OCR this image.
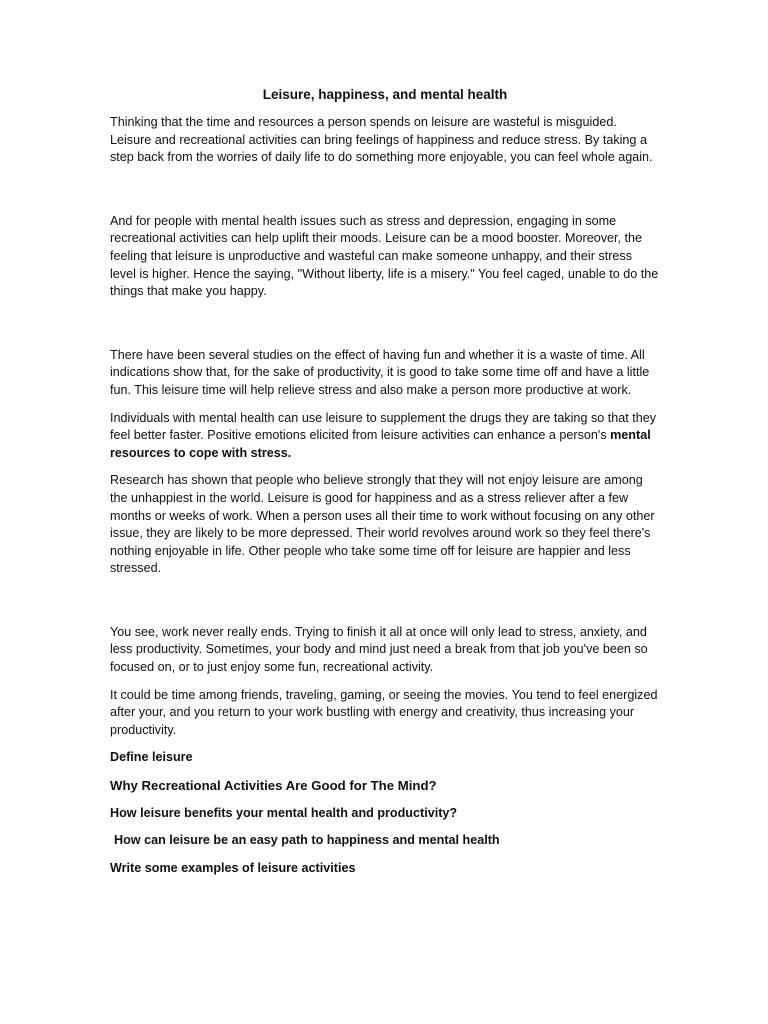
Leisure, happiness, and mental health

Thinking that the time and resources a person spends on leisure are wasteful is misguided. Leisure and recreational activities can bring feelings of happiness and reduce stress. By taking a step back from the worries of daily life to do something more enjoyable, you can feel whole again.

And for people with mental health issues such as stress and depression, engaging in some recreational activities can help uplift their moods. Leisure can be a mood booster. Moreover, the feeling that leisure is unproductive and wasteful can make someone unhappy, and their stress level is higher. Hence the saying, "Without liberty, life is a misery." You feel caged, unable to do the things that make you happy.

There have been several studies on the effect of having fun and whether it is a waste of time. All indications show that, for the sake of productivity, it is good to take some time off and have a little fun. This leisure time will help relieve stress and also make a person more productive at work.

Individuals with mental health can use leisure to supplement the drugs they are taking so that they feel better faster. Positive emotions elicited from leisure activities can enhance a person's mental resources to cope with stress.

Research has shown that people who believe strongly that they will not enjoy leisure are among the unhappiest in the world. Leisure is good for happiness and as a stress reliever after a few months or weeks of work. When a person uses all their time to work without focusing on any other issue, they are likely to be more depressed. Their world revolves around work so they feel there's nothing enjoyable in life. Other people who take some time off for leisure are happier and less stressed.

You see, work never really ends. Trying to finish it all at once will only lead to stress, anxiety, and less productivity. Sometimes, your body and mind just need a break from that job you've been so focused on, or to just enjoy some fun, recreational activity.

It could be time among friends, traveling, gaming, or seeing the movies. You tend to feel energized after your, and you return to your work bustling with energy and creativity, thus increasing your productivity.

Define leisure

Why Recreational Activities Are Good for The Mind?

How leisure benefits your mental health and productivity?

How can leisure be an easy path to happiness and mental health

Write some examples of leisure activities
